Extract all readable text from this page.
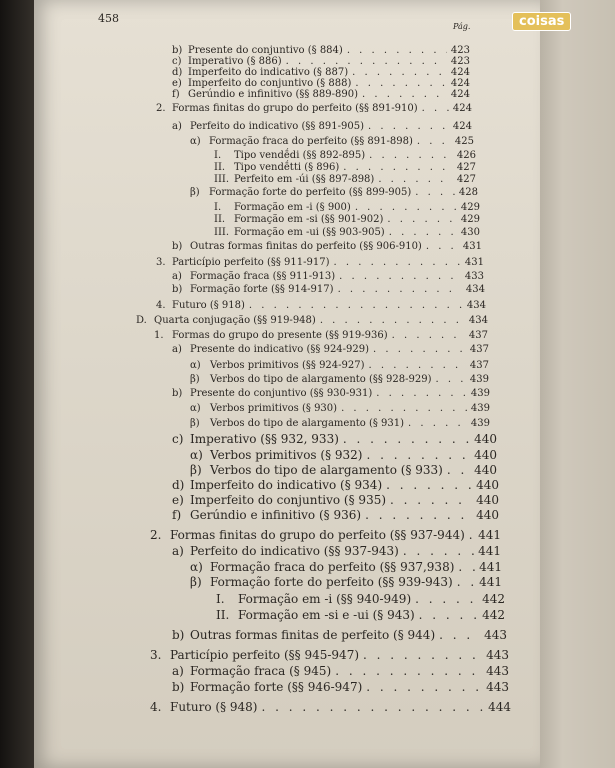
458
Pág.	coisas
b) Presente do conjuntivo (§ 884) . . .	423
c) Imperativo (§ 886) . . .	423
d) Imperfeito do indicativo (§ 887) . . .	424
e) Imperfeito do conjuntivo (§ 888) . . .	424
f) Gerúndio e infinitivo (§§ 889-890) . . .	424
2. Formas finitas do grupo do perfeito (§§ 891-910) . . .	424
a) Perfeito do indicativo (§§ 891-905) . . .	424
α) Formação fraca do perfeito (§§ 891-898) . . .	425
I.	Tipo vendḗdi (§§ 892-895) . . .	426
II. Tipo vendḗtti (§ 896) . . .	427
III. Perfeito em -úi (§§ 897-898) . . .	427
β) Formação forte do perfeito (§§ 899-905) . . .	428
I.	Formação em -i (§ 900) . . .	429
II. Formação em -si (§§ 901-902) . . .	429
III. Formação em -ui (§§ 903-905) . . .	430
b) Outras formas finitas do perfeito (§§ 906-910) . . .	431
3. Particípio perfeito (§§ 911-917) . . .	431
a) Formação fraca (§§ 911-913) . . .	433
b) Formação forte (§§ 914-917) . . .	434
4. Futuro (§ 918) . . .	434
D. Quarta conjugação (§§ 919-948) . . .	434
1. Formas do grupo do presente (§§ 919-936) . . .	437
a) Presente do indicativo (§§ 924-929) . . .	437
α) Verbos primitivos (§§ 924-927) . . .	437
β)	Verbos do tipo de alargamento (§§ 928-929) . . .	439
b) Presente do conjuntivo (§§ 930-931) . . .	439
α) Verbos primitivos (§ 930) . . .	439
β)	Verbos do tipo de alargamento (§ 931) . . .	439
c) Imperativo (§§ 932, 933) . . .	440
α) Verbos primitivos (§ 932) . . .	440
β) Verbos do tipo de alargamento (§ 933) . . .	440
d) Imperfeito do indicativo (§ 934) . . .	440
e) Imperfeito do conjuntivo (§ 935) . . .	440
f) Gerúndio e infinitivo (§ 936) . . .	440
2. Formas finitas do grupo do perfeito (§§ 937-944) . . . 441
a) Perfeito do indicativo (§§ 937-943) . . .	441
α) Formação fraca do perfeito (§§ 937,938) . . . 441
β) Formação forte do perfeito (§§ 939-943) . . . 441
I.	Formação em -i (§§ 940-949) . . .	442
II. Formação em -si e -ui (§ 943) . . .	442
b) Outras formas finitas de perfeito (§ 944) . . .	443
3. Particípio perfeito (§§ 945-947) . . .	443
a) Formação fraca (§ 945) . . .	443
b) Formação forte (§§ 946-947) . . .	443
4. Futuro (§ 948) . . .	444
